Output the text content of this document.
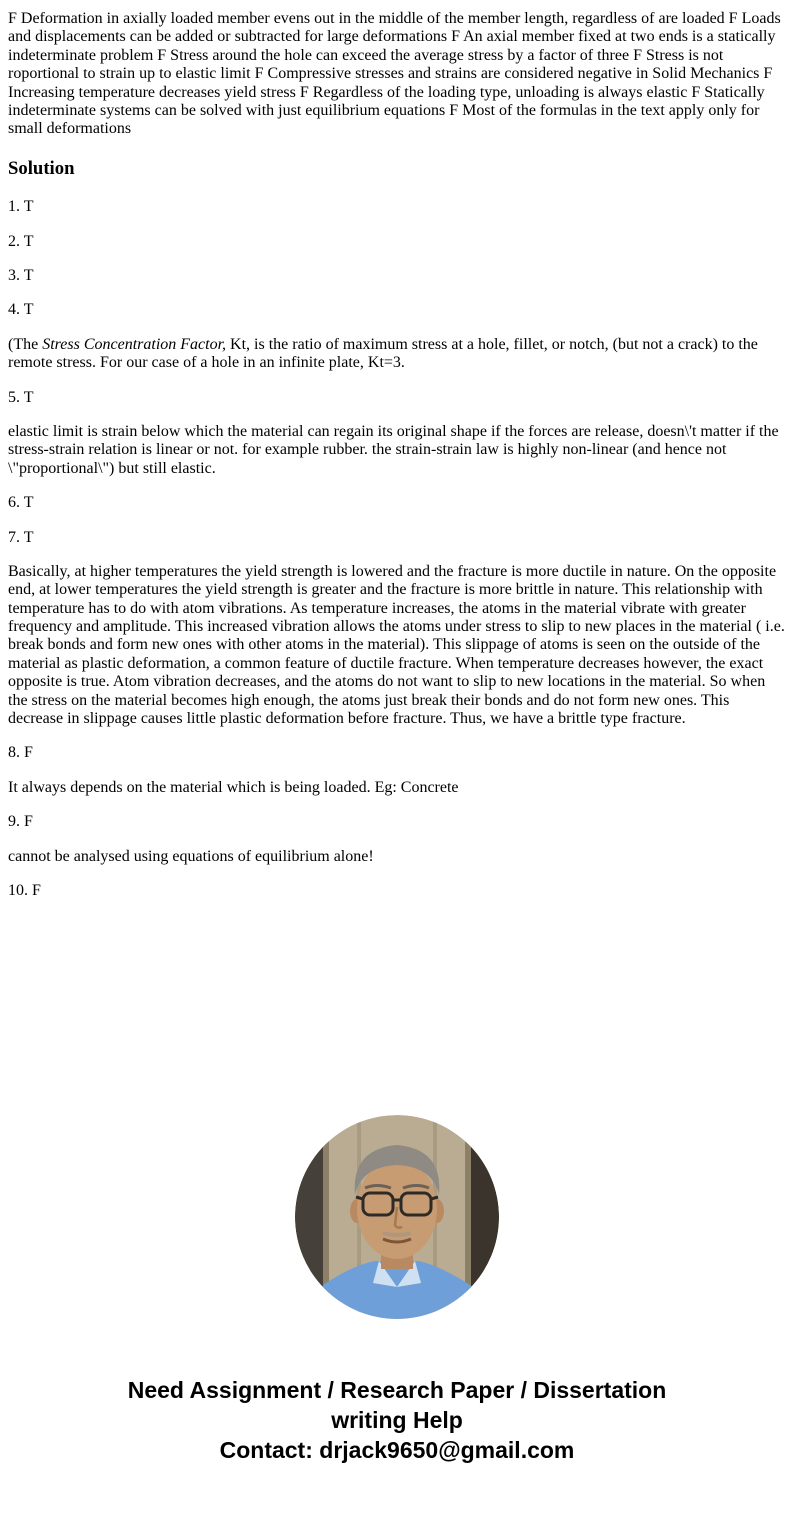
F Deformation in axially loaded member evens out in the middle of the member length, regardless of are loaded F Loads and displacements can be added or subtracted for large deformations F An axial member fixed at two ends is a statically indeterminate problem F Stress around the hole can exceed the average stress by a factor of three F Stress is not roportional to strain up to elastic limit F Compressive stresses and strains are considered negative in Solid Mechanics F Increasing temperature decreases yield stress F Regardless of the loading type, unloading is always elastic F Statically indeterminate systems can be solved with just equilibrium equations F Most of the formulas in the text apply only for small deformations

Solution

1. T

2. T

3. T

4. T

(The Stress Concentration Factor, Kt, is the ratio of maximum stress at a hole, fillet, or notch, (but not a crack) to the remote stress. For our case of a hole in an infinite plate, Kt=3.

5. T

elastic limit is strain below which the material can regain its original shape if the forces are release, doesn\'t matter if the stress-strain relation is linear or not. for example rubber. the strain-strain law is highly non-linear (and hence not \"proportional\") but still elastic.

6. T

7. T

Basically, at higher temperatures the yield strength is lowered and the fracture is more ductile in nature. On the opposite end, at lower temperatures the yield strength is greater and the fracture is more brittle in nature. This relationship with temperature has to do with atom vibrations. As temperature increases, the atoms in the material vibrate with greater frequency and amplitude. This increased vibration allows the atoms under stress to slip to new places in the material ( i.e. break bonds and form new ones with other atoms in the material). This slippage of atoms is seen on the outside of the material as plastic deformation, a common feature of ductile fracture. When temperature decreases however, the exact opposite is true. Atom vibration decreases, and the atoms do not want to slip to new locations in the material. So when the stress on the material becomes high enough, the atoms just break their bonds and do not form new ones. This decrease in slippage causes little plastic deformation before fracture. Thus, we have a brittle type fracture.

8. F

It always depends on the material which is being loaded. Eg: Concrete

9. F

cannot be analysed using equations of equilibrium alone!

10. F

Need Assignment / Research Paper / Dissertation
writing Help
Contact: drjack9650@gmail.com
